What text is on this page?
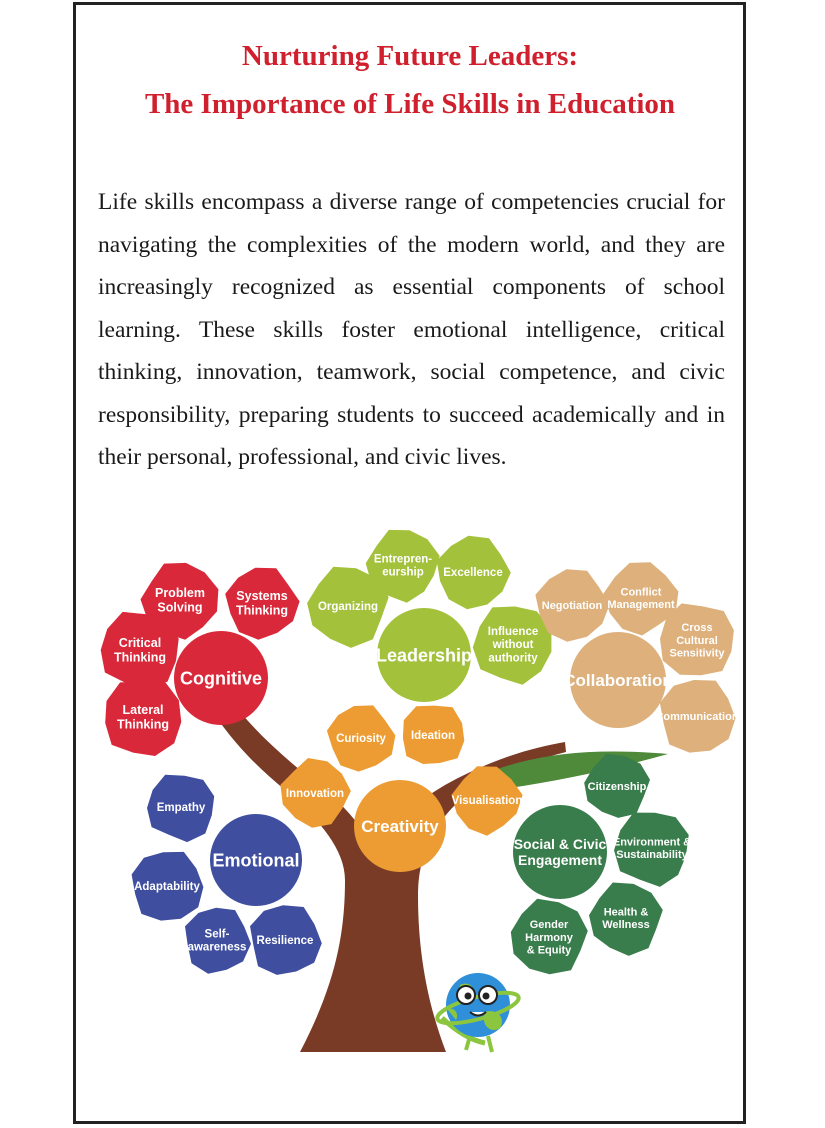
Nurturing Future Leaders:
The Importance of Life Skills in Education

Life skills encompass a diverse range of competencies crucial for navigating the complexities of the modern world, and they are increasingly recognized as essential components of school learning. These skills foster emotional intelligence, critical thinking, innovation, teamwork, social competence, and civic responsibility, preparing students to succeed academically and in their personal, professional, and civic lives.

Problem Solving
Systems Thinking
Critical Thinking
Lateral Thinking
Cognitive
Entrepren-eurship	Excellence
Organizing
Influence without authority
Leadership
Negotiation
Conflict Management
Cross Cultural Sensitivity
Communication
Collaboration
Curiosity Ideation
Innovation
Visualisation
Creativity
Empathy
Adaptability
Self-awareness
Resilience
Emotional
Citizenship
Environment & Sustainability
Health & Wellness
Gender Harmony & Equity
Social & Civic Engagement
